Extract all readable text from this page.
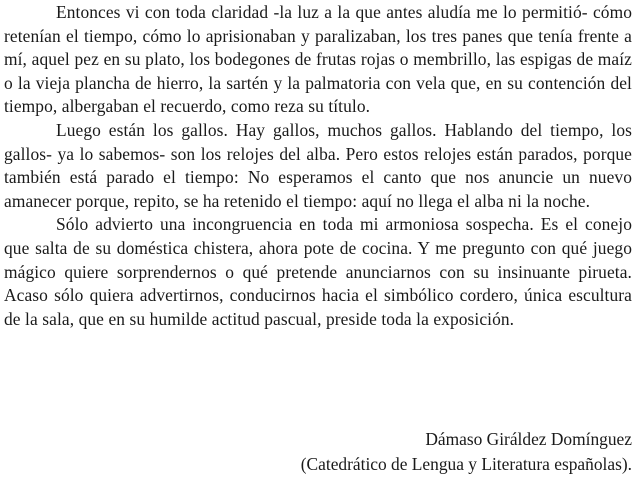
Entonces vi con toda claridad -la luz a la que antes aludía me lo permitió- cómo retenían el tiempo, cómo lo aprisionaban y paralizaban, los tres panes que tenía frente a mí, aquel pez en su plato, los bodegones de frutas rojas o membrillo, las espigas de maíz o la vieja plancha de hierro, la sartén y la palmatoria con vela que, en su contención del tiempo, albergaban el recuerdo, como reza su título.

Luego están los gallos. Hay gallos, muchos gallos. Hablando del tiempo, los gallos- ya lo sabemos- son los relojes del alba. Pero estos relojes están parados, porque también está parado el tiempo: No esperamos el canto que nos anuncie un nuevo amanecer porque, repito, se ha retenido el tiempo: aquí no llega el alba ni la noche.

Sólo advierto una incongruencia en toda mi armoniosa sospecha. Es el conejo que salta de su doméstica chistera, ahora pote de cocina. Y me pregunto con qué juego mágico quiere sorprendernos o qué pretende anunciarnos con su insinuante pirueta. Acaso sólo quiera advertirnos, conducirnos hacia el simbólico cordero, única escultura de la sala, que en su humilde actitud pascual, preside toda la exposición.

Dámaso Giráldez Domínguez
(Catedrático de Lengua y Literatura españolas).
